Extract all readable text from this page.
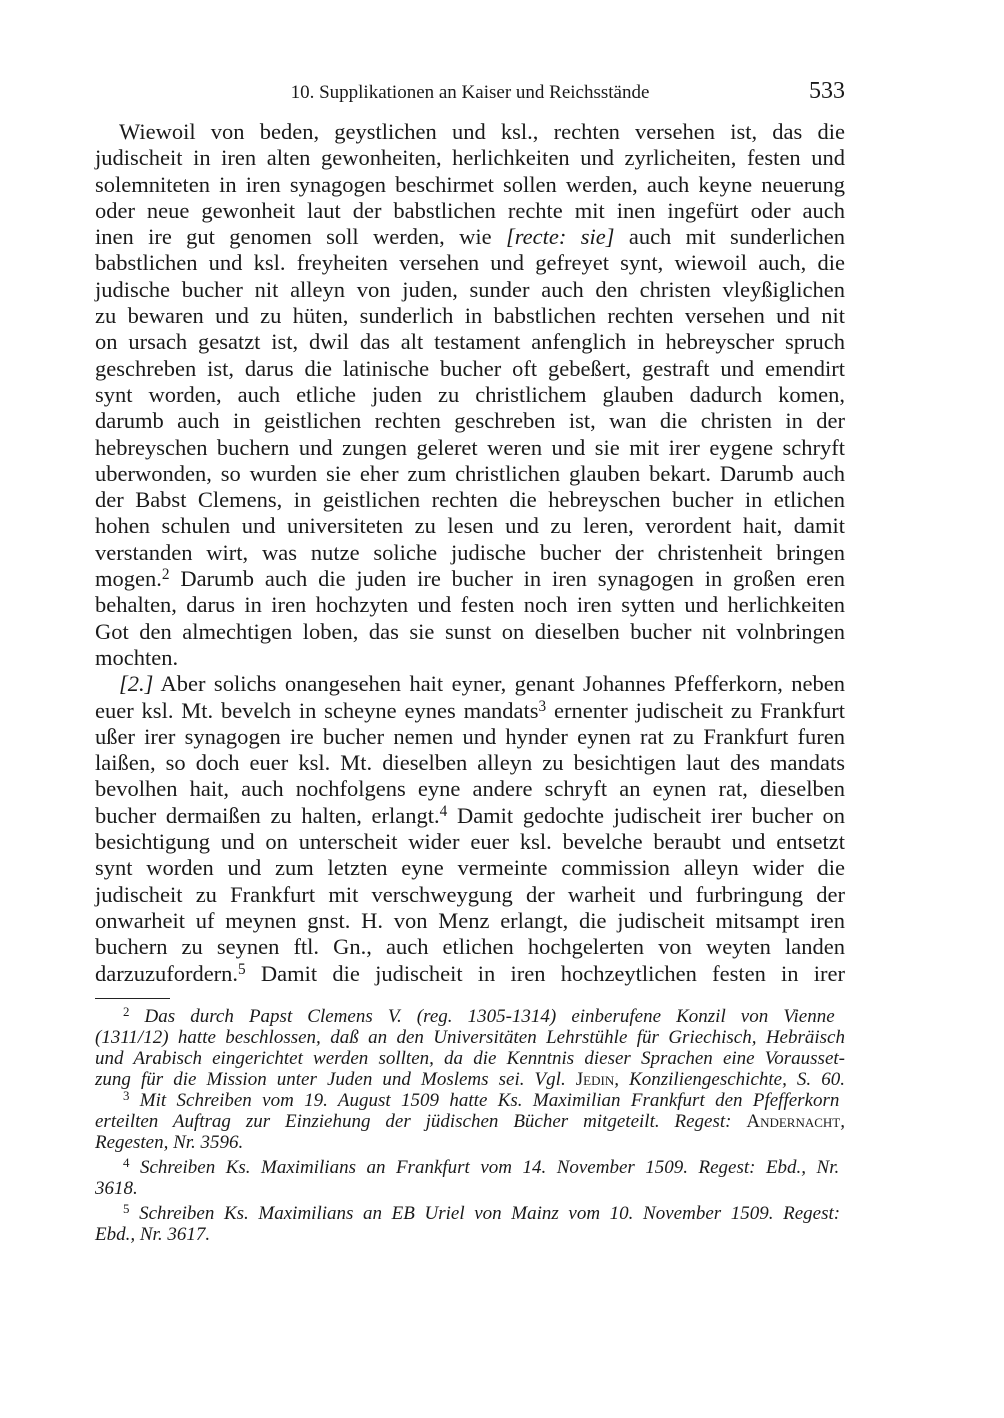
10. Supplikationen an Kaiser und Reichsstände	533
Wiewoil von beden, geystlichen und ksl., rechten versehen ist, das die
judischeit in iren alten gewonheiten, herlichkeiten und zyrlicheiten, festen und
solemniteten in iren synagogen beschirmet sollen werden, auch keyne neuerung
oder neue gewonheit laut der babstlichen rechte mit inen ingefürt oder auch
inen ire gut genomen soll werden, wie [recte: sie] auch mit sunderlichen
babstlichen und ksl. freyheiten versehen und gefreyet synt, wiewoil auch, die
judische bucher nit alleyn von juden, sunder auch den christen vleyßiglichen
zu bewaren und zu hüten, sunderlich in babstlichen rechten versehen und nit
on ursach gesatzt ist, dwil das alt testament anfenglich in hebreyscher spruch
geschreben ist, darus die latinische bucher oft gebeßert, gestraft und emendirt
synt worden, auch etliche juden zu christlichem glauben dadurch komen,
darumb auch in geistlichen rechten geschreben ist, wan die christen in der
hebreyschen buchern und zungen geleret weren und sie mit irer eygene schryft
uberwonden, so wurden sie eher zum christlichen glauben bekart. Darumb auch
der Babst Clemens, in geistlichen rechten die hebreyschen bucher in etlichen
hohen schulen und universiteten zu lesen und zu leren, verordent hait, damit
verstanden wirt, was nutze soliche judische bucher der christenheit bringen
mogen.$^2$ Darumb auch die juden ire bucher in iren synagogen in großen eren
behalten, darus in iren hochzyten und festen noch iren sytten und herlichkeiten
Got den almechtigen loben, das sie sunst on dieselben bucher nit volnbringen
mochten.
[2.] Aber solichs onangesehen hait eyner, genant Johannes Pfefferkorn, neben
euer ksl. Mt. bevelch in scheyne eynes mandats$^3$ ernenter judischeit zu Frankfurt
ußer irer synagogen ire bucher nemen und hynder eynen rat zu Frankfurt furen
laißen, so doch euer ksl. Mt. dieselben alleyn zu besichtigen laut des mandats
bevolhen hait, auch nochfolgens eyne andere schryft an eynen rat, dieselben
bucher dermaißen zu halten, erlangt.$^4$ Damit gedochte judischeit irer bucher on
besichtigung und on unterscheit wider euer ksl. bevelche beraubt und entsetzt
synt worden und zum letzten eyne vermeinte commission alleyn wider die
judischeit zu Frankfurt mit verschweygung der warheit und furbringung der
onwarheit uf meynen gnst. H. von Menz erlangt, die judischeit mitsampt iren
buchern zu seynen ftl. Gn., auch etlichen hochgelerten von weyten landen
darzuzufordern.$^5$ Damit die judischeit in iren hochzeytlichen festen in irer
$^2$ Das durch Papst Clemens V. (reg. 1305-1314) einberufene Konzil von Vienne
(1311/12) hatte beschlossen, daß an den Universitäten Lehrstühle für Griechisch, Hebräisch
und Arabisch eingerichtet werden sollten, da die Kenntnis dieser Sprachen eine Vorausset-
zung für die Mission unter Juden und Moslems sei. Vgl. Jedin, Konziliengeschichte, S. 60.
$^3$ Mit Schreiben vom 19. August 1509 hatte Ks. Maximilian Frankfurt den Pfefferkorn
erteilten Auftrag zur Einziehung der jüdischen Bücher mitgeteilt. Regest: Andernacht,
Regesten, Nr. 3596.
$^4$ Schreiben Ks. Maximilians an Frankfurt vom 14. November 1509. Regest: Ebd., Nr.
3618.
$^5$ Schreiben Ks. Maximilians an EB Uriel von Mainz vom 10. November 1509. Regest:
Ebd., Nr. 3617.
